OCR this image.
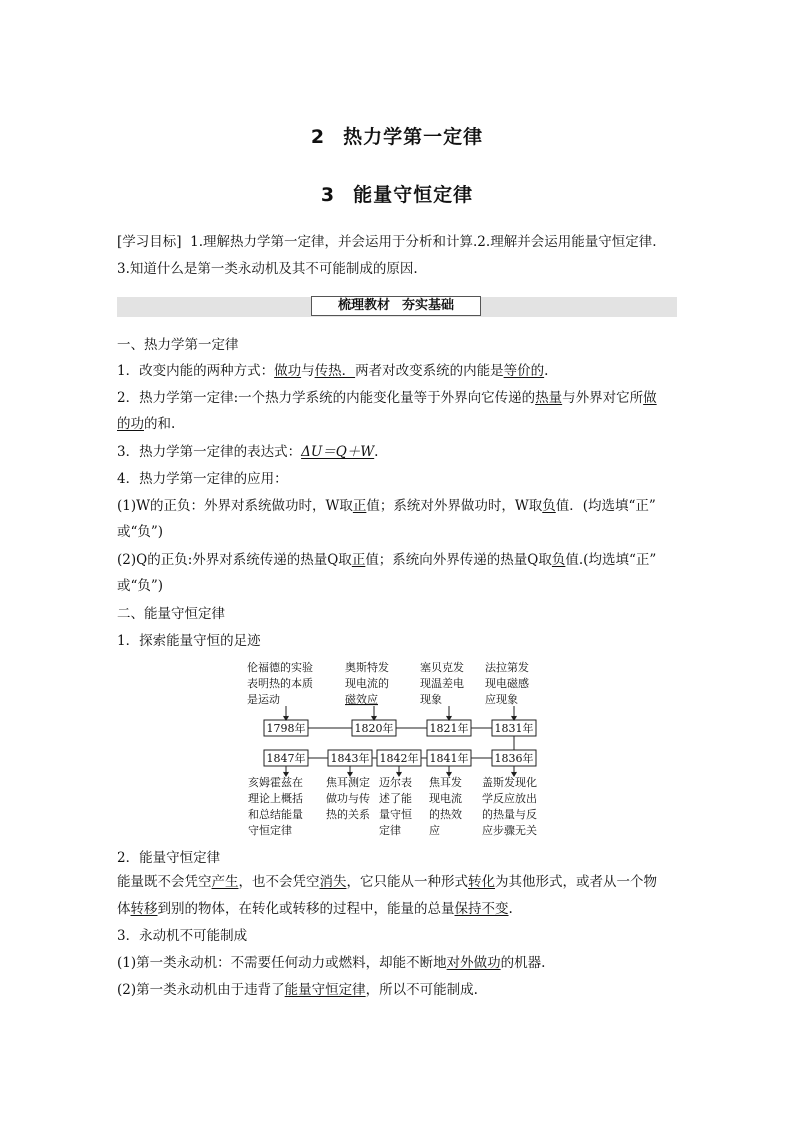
2 热力学第一定律
3 能量守恒定律
[学习目标] 1.理解热力学第一定律，并会运用于分析和计算.2.理解并会运用能量守恒定律.
3.知道什么是第一类永动机及其不可能制成的原因.
梳理教材 夯实基础
一、热力学第一定律
1．改变内能的两种方式：做功与传热．两者对改变系统的内能是等价的.
2．热力学第一定律:一个热力学系统的内能变化量等于外界向它传递的热量与外界对它所做
的功的和.
3．热力学第一定律的表达式：ΔU＝Q＋W.
4．热力学第一定律的应用：
(1)W的正负：外界对系统做功时，W取正值；系统对外界做功时，W取负值．(均选填“正”
或“负”)
(2)Q的正负:外界对系统传递的热量Q取正值；系统向外界传递的热量Q取负值.(均选填“正”
或“负”)
二、能量守恒定律
1．探索能量守恒的足迹
1798年
伦福德的实验
表明热的本质
是运动
1820年
奥斯特发
现电流的
磁效应
1821年
塞贝克发
现温差电
现象
1831年
法拉第发
现电磁感
应现象
1847年
亥姆霍兹在
理论上概括
和总结能量
守恒定律
1843年
焦耳测定
做功与传
热的关系
1842年
迈尔表
述了能
量守恒
定律
1841年
焦耳发
现电流
的热效
应
1836年
盖斯发现化
学反应放出
的热量与反
应步骤无关
2．能量守恒定律
能量既不会凭空产生，也不会凭空消失，它只能从一种形式转化为其他形式，或者从一个物
体转移到别的物体，在转化或转移的过程中，能量的总量保持不变.
3．永动机不可能制成
(1)第一类永动机：不需要任何动力或燃料，却能不断地对外做功的机器.
(2)第一类永动机由于违背了能量守恒定律，所以不可能制成.
